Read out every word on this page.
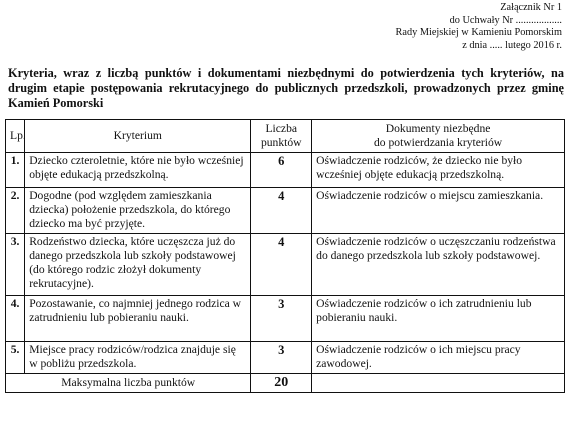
Załącznik Nr 1
do Uchwały Nr ..................
Rady Miejskiej w Kamieniu Pomorskim
z dnia ..... lutego 2016 r.
Kryteria, wraz z liczbą punktów i dokumentami niezbędnymi do potwierdzenia tych kryteriów, na drugim etapie postępowania rekrutacyjnego do publicznych przedszkoli, prowadzonych przez gminę Kamień Pomorski
Lp.	Kryterium	Liczba punktów	Dokumenty niezbędne
do potwierdzania kryteriów

1.	Dziecko czteroletnie, które nie było wcześniej objęte edukacją przedszkolną.	6	Oświadczenie rodziców, że dziecko nie było wcześniej objęte edukacją przedszkolną.
2.	Dogodne (pod względem zamieszkania dziecka) położenie przedszkola, do którego dziecko ma być przyjęte.	4	Oświadczenie rodziców o miejscu zamieszkania.
3.	Rodzeństwo dziecka, które uczęszcza już do danego przedszkola lub szkoły podstawowej (do którego rodzic złożył dokumenty rekrutacyjne).	4	Oświadczenie rodziców o uczęszczaniu rodzeństwa do danego przedszkola lub szkoły podstawowej.
4.	Pozostawanie, co najmniej jednego rodzica w zatrudnieniu lub pobieraniu nauki.	3	Oświadczenie rodziców o ich zatrudnieniu lub pobieraniu nauki.
5.	Miejsce pracy rodziców/rodzica znajduje się w pobliżu przedszkola.	3	Oświadczenie rodziców o ich miejscu pracy zawodowej.
Maksymalna liczba punktów		20	
